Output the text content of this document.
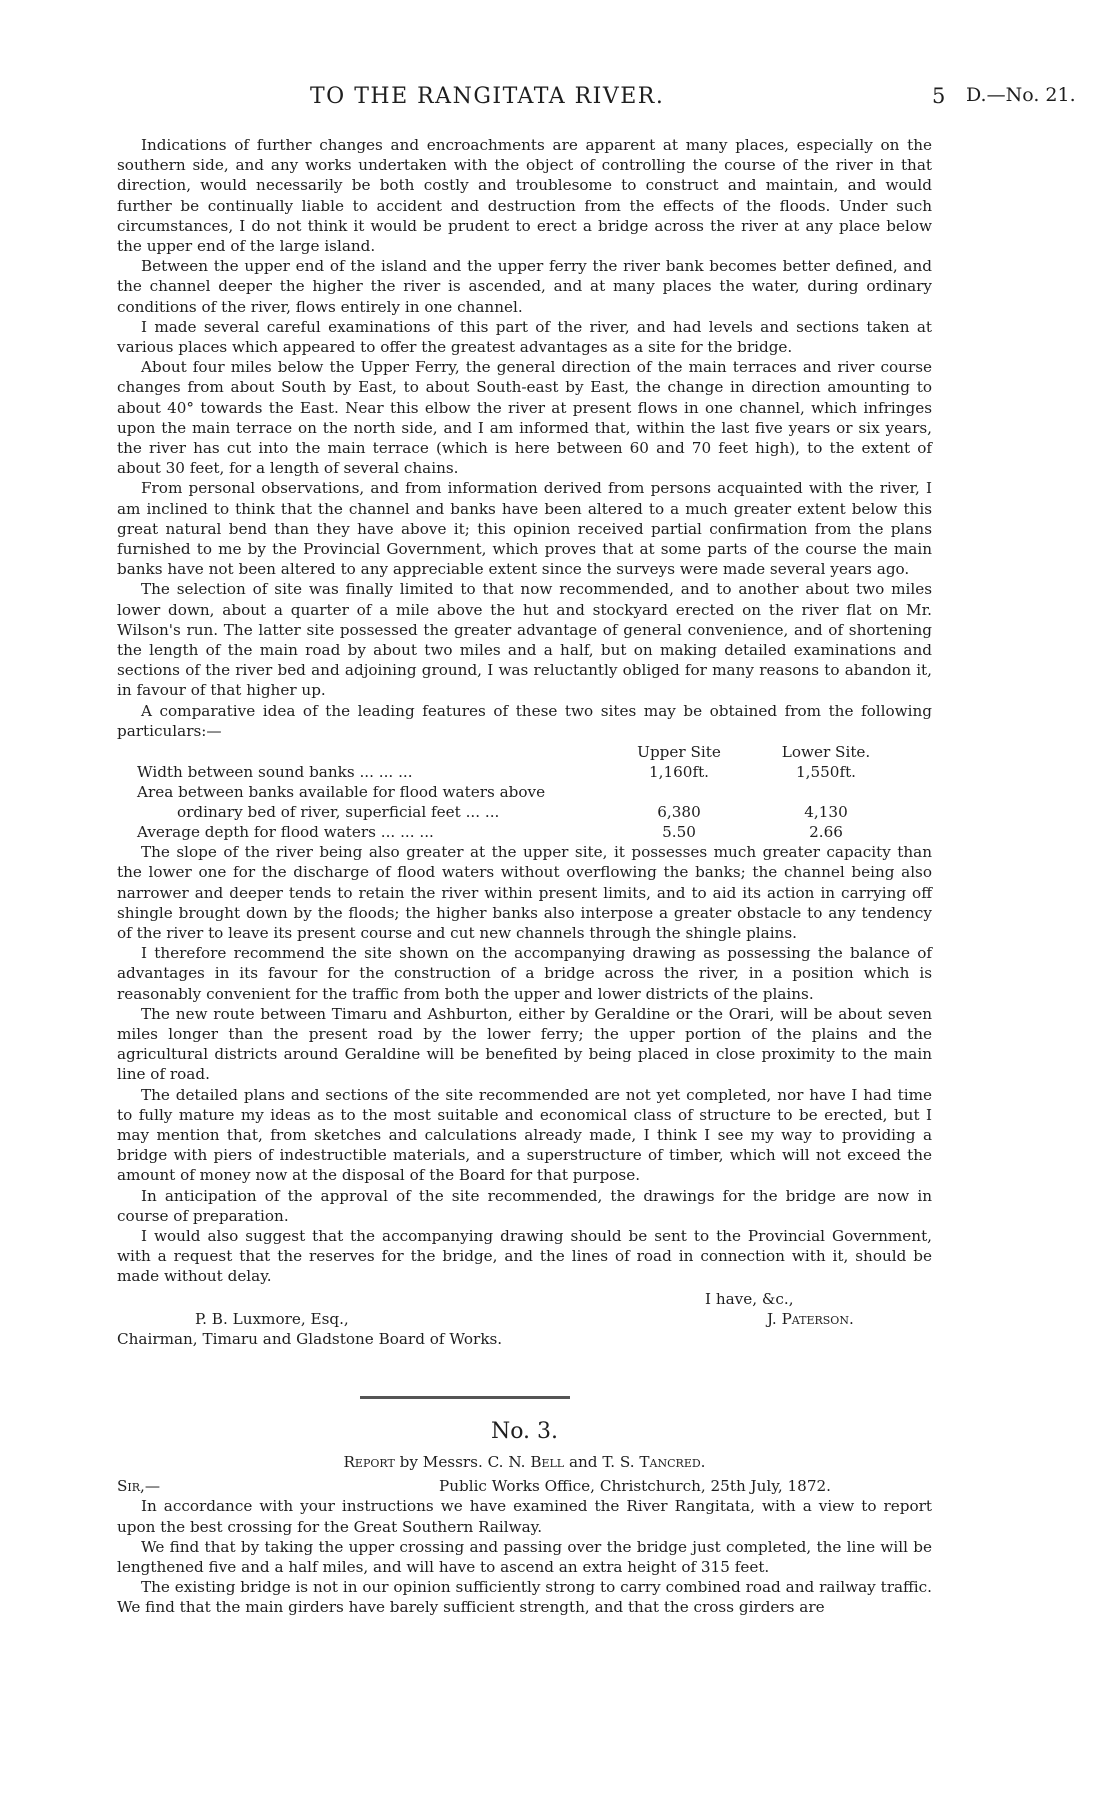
TO THE RANGITATA RIVER.	5 D.—No. 21.

Indications of further changes and encroachments are apparent at many places, especially on the southern side, and any works undertaken with the object of controlling the course of the river in that direction, would necessarily be both costly and troublesome to construct and maintain, and would further be continually liable to accident and destruction from the effects of the floods. Under such circumstances, I do not think it would be prudent to erect a bridge across the river at any place below the upper end of the large island.

Between the upper end of the island and the upper ferry the river bank becomes better defined, and the channel deeper the higher the river is ascended, and at many places the water, during ordinary conditions of the river, flows entirely in one channel.

I made several careful examinations of this part of the river, and had levels and sections taken at various places which appeared to offer the greatest advantages as a site for the bridge.

About four miles below the Upper Ferry, the general direction of the main terraces and river course changes from about South by East, to about South-east by East, the change in direction amounting to about 40° towards the East. Near this elbow the river at present flows in one channel, which infringes upon the main terrace on the north side, and I am informed that, within the last five years or six years, the river has cut into the main terrace (which is here between 60 and 70 feet high), to the extent of about 30 feet, for a length of several chains.

From personal observations, and from information derived from persons acquainted with the river, I am inclined to think that the channel and banks have been altered to a much greater extent below this great natural bend than they have above it; this opinion received partial confirmation from the plans furnished to me by the Provincial Government, which proves that at some parts of the course the main banks have not been altered to any appreciable extent since the surveys were made several years ago.

The selection of site was finally limited to that now recommended, and to another about two miles lower down, about a quarter of a mile above the hut and stockyard erected on the river flat on Mr. Wilson's run. The latter site possessed the greater advantage of general convenience, and of shortening the length of the main road by about two miles and a half, but on making detailed examinations and sections of the river bed and adjoining ground, I was reluctantly obliged for many reasons to abandon it, in favour of that higher up.

A comparative idea of the leading features of these two sites may be obtained from the following particulars:—

Upper Site	Lower Site.
Width between sound banks ... ... ...	1,160ft.	1,550ft.
Area between banks available for flood waters above
ordinary bed of river, superficial feet ... ...	6,380	4,130
Average depth for flood waters ... ... ...	5.50	2.66

The slope of the river being also greater at the upper site, it possesses much greater capacity than the lower one for the discharge of flood waters without overflowing the banks; the channel being also narrower and deeper tends to retain the river within present limits, and to aid its action in carrying off shingle brought down by the floods; the higher banks also interpose a greater obstacle to any tendency of the river to leave its present course and cut new channels through the shingle plains.

I therefore recommend the site shown on the accompanying drawing as possessing the balance of advantages in its favour for the construction of a bridge across the river, in a position which is reasonably convenient for the traffic from both the upper and lower districts of the plains.

The new route between Timaru and Ashburton, either by Geraldine or the Orari, will be about seven miles longer than the present road by the lower ferry; the upper portion of the plains and the agricultural districts around Geraldine will be benefited by being placed in close proximity to the main line of road.

The detailed plans and sections of the site recommended are not yet completed, nor have I had time to fully mature my ideas as to the most suitable and economical class of structure to be erected, but I may mention that, from sketches and calculations already made, I think I see my way to providing a bridge with piers of indestructible materials, and a superstructure of timber, which will not exceed the amount of money now at the disposal of the Board for that purpose.

In anticipation of the approval of the site recommended, the drawings for the bridge are now in course of preparation.

I would also suggest that the accompanying drawing should be sent to the Provincial Government, with a request that the reserves for the bridge, and the lines of road in connection with it, should be made without delay.

I have, &c.,
J. Paterson.
P. B. Luxmore, Esq.,
Chairman, Timaru and Gladstone Board of Works.
No. 3.
Report by Messrs. C. N. Bell and T. S. Tancred.
Sir,—	Public Works Office, Christchurch, 25th July, 1872.

In accordance with your instructions we have examined the River Rangitata, with a view to report upon the best crossing for the Great Southern Railway.

We find that by taking the upper crossing and passing over the bridge just completed, the line will be lengthened five and a half miles, and will have to ascend an extra height of 315 feet.

The existing bridge is not in our opinion sufficiently strong to carry combined road and railway traffic. We find that the main girders have barely sufficient strength, and that the cross girders are
